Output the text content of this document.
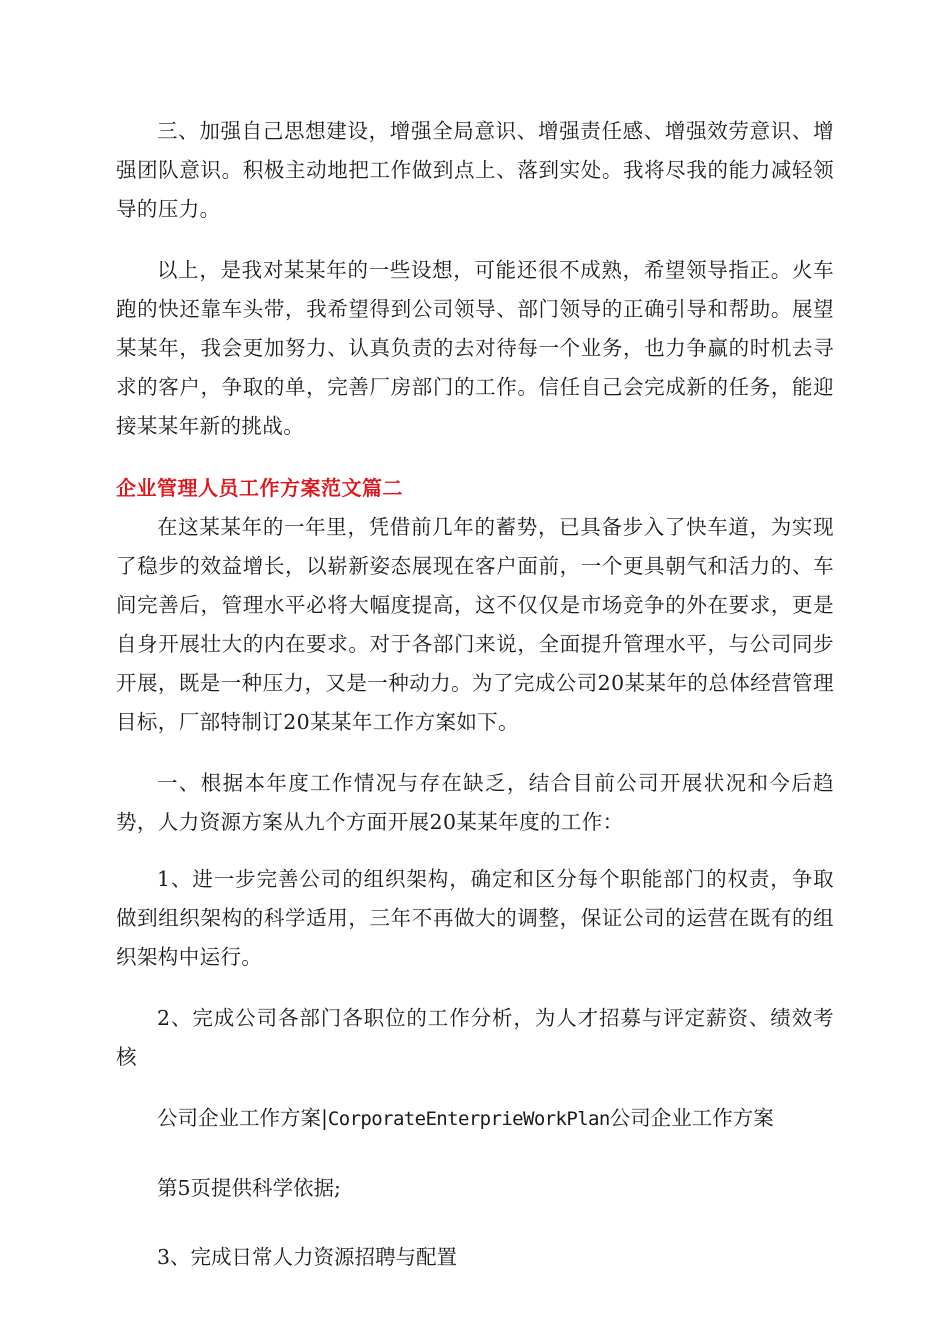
三、加强自己思想建设，增强全局意识、增强责任感、增强效劳意识、增强团队意识。积极主动地把工作做到点上、落到实处。我将尽我的能力减轻领导的压力。

以上，是我对某某年的一些设想，可能还很不成熟，希望领导指正。火车跑的快还靠车头带，我希望得到公司领导、部门领导的正确引导和帮助。展望某某年，我会更加努力、认真负责的去对待每一个业务，也力争赢的时机去寻求的客户，争取的单，完善厂房部门的工作。信任自己会完成新的任务，能迎接某某年新的挑战。

企业管理人员工作方案范文篇二

在这某某年的一年里，凭借前几年的蓄势，已具备步入了快车道，为实现了稳步的效益增长，以崭新姿态展现在客户面前，一个更具朝气和活力的、车间完善后，管理水平必将大幅度提高，这不仅仅是市场竞争的外在要求，更是自身开展壮大的内在要求。对于各部门来说，全面提升管理水平，与公司同步开展，既是一种压力，又是一种动力。为了完成公司20某某年的总体经营管理目标，厂部特制订20某某年工作方案如下。

一、根据本年度工作情况与存在缺乏，结合目前公司开展状况和今后趋势，人力资源方案从九个方面开展20某某年度的工作：

1、进一步完善公司的组织架构，确定和区分每个职能部门的权责，争取做到组织架构的科学适用，三年不再做大的调整，保证公司的运营在既有的组织架构中运行。

2、完成公司各部门各职位的工作分析，为人才招募与评定薪资、绩效考核

公司企业工作方案|CorporateEnterprieWorkPlan公司企业工作方案

第5页提供科学依据;

3、完成日常人力资源招聘与配置
